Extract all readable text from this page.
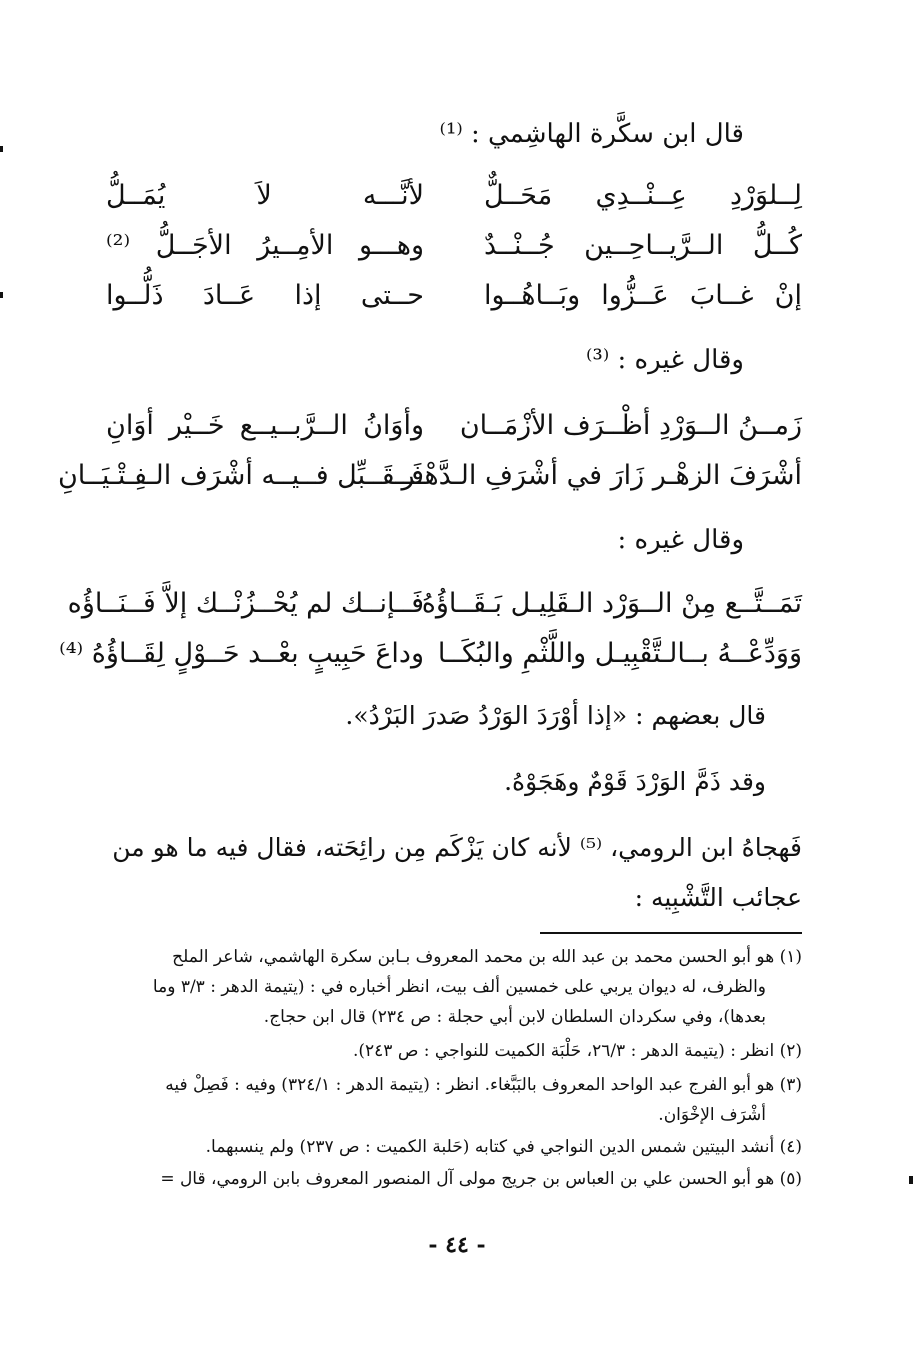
قال ابن سكَّرة الهاشِمي : ⁽¹⁾
لِــلوَرْدِ عِــنْــدِي مَحَــلٌّ
لأنَّـــه لاَ يُمَــلُّ
كُــلُّ الــرَّيــاحِــين جُــنْــدٌ
وهـــو الأمِــيرُ الأجَــلُّ ⁽²⁾
إنْ غــابَ عَــزُّوا وبَــاهُــوا
حــتى إذا عَــادَ ذَلُّــوا
وقال غيره : ⁽³⁾
زَمــنُ الــوَرْدِ أظْــرَف الأزْمَــان
وأوَانُ الــرَّبــيــع خَــيْر أوَانِ
أشْرَفَ الزهْـر زَارَ في أشْرَفِ الـدَّهْـر
فَــقَــبِّل فــيــه أشْرَف الـفِـتْـيَــانِ
وقال غيره :
تَمَــتَّــع مِنْ الــوَرْد الـقَلِيـل بَـقَــاؤُهُ
فَــإنــك لم يُحْــزُنْــك إلاَّ فَــنَــاؤُه
وَوَدِّعْــهُ بــالـتَّقْبِيـل واللَّثْمِ والبُكَــا
وداعَ حَبِيبٍ بعْــد حَــوْلٍ لِقَــاؤُهُ ⁽⁴⁾
قال بعضهم : «إذا أوْرَدَ الوَرْدُ صَدرَ البَرْدُ».
وقد ذَمَّ الوَرْدَ قَوْمٌ وهَجَوْهُ.
فَهجاهُ ابن الرومي، ⁽⁵⁾ لأنه كان يَزْكَم مِن رائِحَته، فقال فيه ما هو من
عجائب التَّشْبِيه :
(١) هو أبو الحسن محمد بن عبد الله بن محمد المعروف بـابن سكرة الهاشمي، شاعر الملح
والظرف، له ديوان يربي على خمسين ألف بيت، انظر أخباره في : (يتيمة الدهر : ٣/٣ وما
بعدها)، وفي سكردان السلطان لابن أبي حجلة : ص ٢٣٤) قال ابن حجاج.
(٢) انظر : (يتيمة الدهر : ٢٦/٣، حَلْبَة الكميت للنواجي : ص ٢٤٣).
(٣) هو أبو الفرج عبد الواحد المعروف بالبَبَّغاء. انظر : (يتيمة الدهر : ٣٢٤/١) وفيه : فَصِلْ فيه
أشْرَف الإخْوَان.
(٤) أنشد البيتين شمس الدين النواجي في كتابه (حَلبة الكميت : ص ٢٣٧) ولم ينسبهما.
(٥) هو أبو الحسن علي بن العباس بن جريج مولى آل المنصور المعروف بابن الرومي، قال =
- ٤٤ -
